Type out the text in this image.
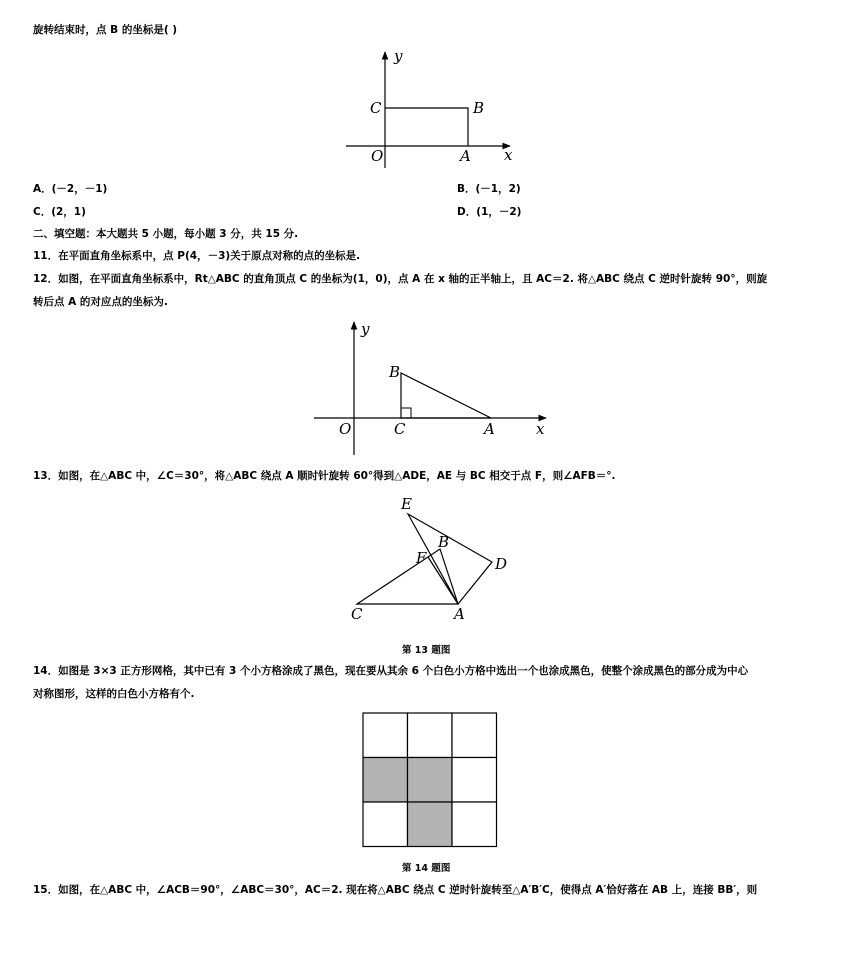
旋转结束时，点 B 的坐标是( )
y
x
O	A
B
C
A．(－2，－1)	B．(－1，2)
C．(2，1)	D．(1，－2)
二、填空题：本大题共 5 小题，每小题 3 分，共 15 分.
11．在平面直角坐标系中，点 P(4，－3)关于原点对称的点的坐标是.
12．如图，在平面直角坐标系中，Rt△ABC 的直角顶点 C 的坐标为(1，0)，点 A 在 x 轴的正半轴上，且 AC＝2. 将△ABC 绕点 C 逆时针旋转 90°，则旋
转后点 A 的对应点的坐标为.
y
x
O	C	A
B
13．如图，在△ABC 中，∠C＝30°，将△ABC 绕点 A 顺时针旋转 60°得到△ADE，AE 与 BC 相交于点 F，则∠AFB＝°.
E
B
F	D
C	A
第 13 题图
14．如图是 3×3 正方形网格，其中已有 3 个小方格涂成了黑色，现在要从其余 6 个白色小方格中选出一个也涂成黑色，使整个涂成黑色的部分成为中心
对称图形，这样的白色小方格有个.
第 14 题图
15．如图，在△ABC 中，∠ACB＝90°，∠ABC＝30°，AC＝2. 现在将△ABC 绕点 C 逆时针旋转至△A′B′C，使得点 A′恰好落在 AB 上，连接 BB′，则
